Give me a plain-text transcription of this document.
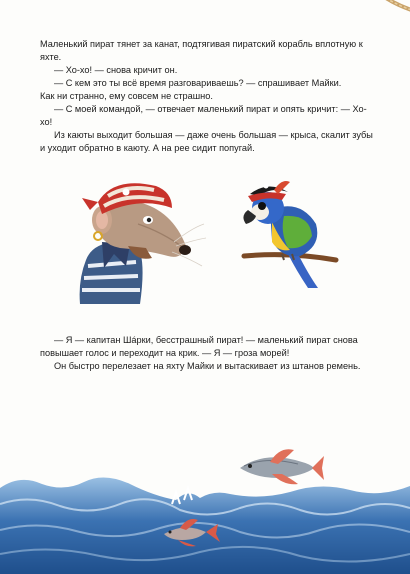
Маленький пират тянет за канат, подтягивая пиратский корабль вплотную к яхте.

— Хо-хо! — снова кричит он.

— С кем это ты всё время разговариваешь? — спрашивает Майки.

Как ни странно, ему совсем не страшно.

— С моей командой, — отвечает маленький пират и опять кричит: — Хо-хо!

Из каюты выходит большая — даже очень большая — крыса, скалит зубы и уходит обратно в каюту. А на рее сидит попугай.

— Я — капитан Шáрки, бесстрашный пират! — маленький пират снова повышает голос и переходит на крик. — Я — гроза морей!

Он быстро перелезает на яхту Майки и вытаскивает из штанов ремень.
